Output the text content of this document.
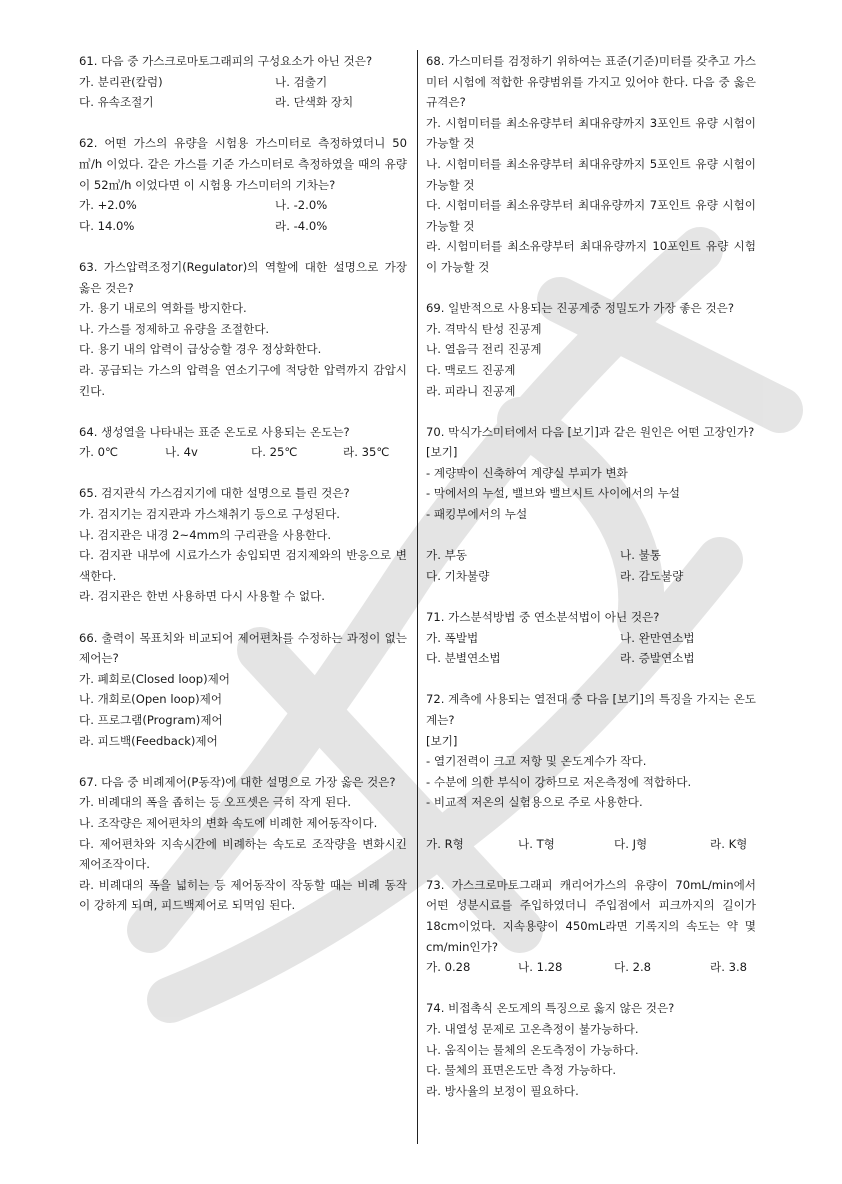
61. 다음 중 가스크로마토그래피의 구성요소가 아닌 것은?
가. 분리관(칼럼)	나. 검출기
다. 유속조절기	라. 단색화 장치
62. 어떤 가스의 유량을 시험용 가스미터로 측정하였더니 50㎥/h 이었다. 같은 가스를 기준 가스미터로 측정하였을 때의 유량이 52㎥/h 이었다면 이 시험용 가스미터의 기차는?
가. +2.0%	나. -2.0%
다. 14.0%	라. -4.0%
63. 가스압력조정기(Regulator)의 역할에 대한 설명으로 가장 옳은 것은?
가. 용기 내로의 역화를 방지한다.
나. 가스를 정제하고 유량을 조절한다.
다. 용기 내의 압력이 급상승할 경우 정상화한다.
라. 공급되는 가스의 압력을 연소기구에 적당한 압력까지 감압시킨다.
64. 생성열을 나타내는 표준 온도로 사용되는 온도는?
가. 0℃	나. 4v	다. 25℃	라. 35℃
65. 검지관식 가스검지기에 대한 설명으로 틀린 것은?
가. 검지기는 검지관과 가스채취기 등으로 구성된다.
나. 검지관은 내경 2~4mm의 구리관을 사용한다.
다. 검지관 내부에 시료가스가 송입되면 검지제와의 반응으로 변색한다.
라. 검지관은 한번 사용하면 다시 사용할 수 없다.
66. 출력이 목표치와 비교되어 제어편차를 수정하는 과정이 없는 제어는?
가. 폐회로(Closed loop)제어
나. 개회로(Open loop)제어
다. 프로그램(Program)제어
라. 피드백(Feedback)제어
67. 다음 중 비례제어(P동작)에 대한 설명으로 가장 옳은 것은?
가. 비례대의 폭을 좁히는 등 오프셋은 극히 작게 된다.
나. 조작량은 제어편차의 변화 속도에 비례한 제어동작이다.
다. 제어편차와 지속시간에 비례하는 속도로 조작량을 변화시킨 제어조작이다.
라. 비례대의 폭을 넓히는 등 제어동작이 작동할 때는 비례 동작이 강하게 되며, 피드백제어로 되먹임 된다.
68. 가스미터를 검정하기 위하여는 표준(기준)미터를 갖추고 가스미터 시험에 적합한 유량범위를 가지고 있어야 한다. 다음 중 옳은 규격은?
가. 시험미터를 최소유량부터 최대유량까지 3포인트 유량 시험이 가능할 것
나. 시험미터를 최소유량부터 최대유량까지 5포인트 유량 시험이 가능할 것
다. 시험미터를 최소유량부터 최대유량까지 7포인트 유량 시험이 가능할 것
라. 시험미터를 최소유량부터 최대유량까지 10포인트 유량 시험이 가능할 것
69. 일반적으로 사용되는 진공계중 정밀도가 가장 좋은 것은?
가. 격막식 탄성 진공계
나. 열음극 전리 진공계
다. 맥로드 진공계
라. 피라니 진공계
70. 막식가스미터에서 다음 [보기]과 같은 원인은 어떤 고장인가?
[보기]
- 계량막이 신축하여 계량실 부피가 변화
- 막에서의 누설, 밸브와 밸브시트 사이에서의 누설
- 패킹부에서의 누설

가. 부동	나. 불통
다. 기차불량	라. 감도불량
71. 가스분석방법 중 연소분석법이 아닌 것은?
가. 폭발법	나. 완만연소법
다. 분별연소법	라. 증발연소법
72. 계측에 사용되는 열전대 중 다음 [보기]의 특징을 가지는 온도계는?
[보기]
- 열기전력이 크고 저항 및 온도계수가 작다.
- 수분에 의한 부식이 강하므로 저온측정에 적합하다.
- 비교적 저온의 실험용으로 주로 사용한다.

가. R형	나. T형	다. J형	라. K형
73. 가스크로마토그래피 캐리어가스의 유량이 70mL/min에서 어떤 성분시료를 주입하였더니 주입점에서 피크까지의 길이가 18cm이었다. 지속용량이 450mL라면 기록지의 속도는 약 몇 cm/min인가?
가. 0.28	나. 1.28	다. 2.8	라. 3.8
74. 비접촉식 온도계의 특징으로 옳지 않은 것은?
가. 내열성 문제로 고온측정이 불가능하다.
나. 움직이는 물체의 온도측정이 가능하다.
다. 물체의 표면온도만 측정 가능하다.
라. 방사율의 보정이 필요하다.
